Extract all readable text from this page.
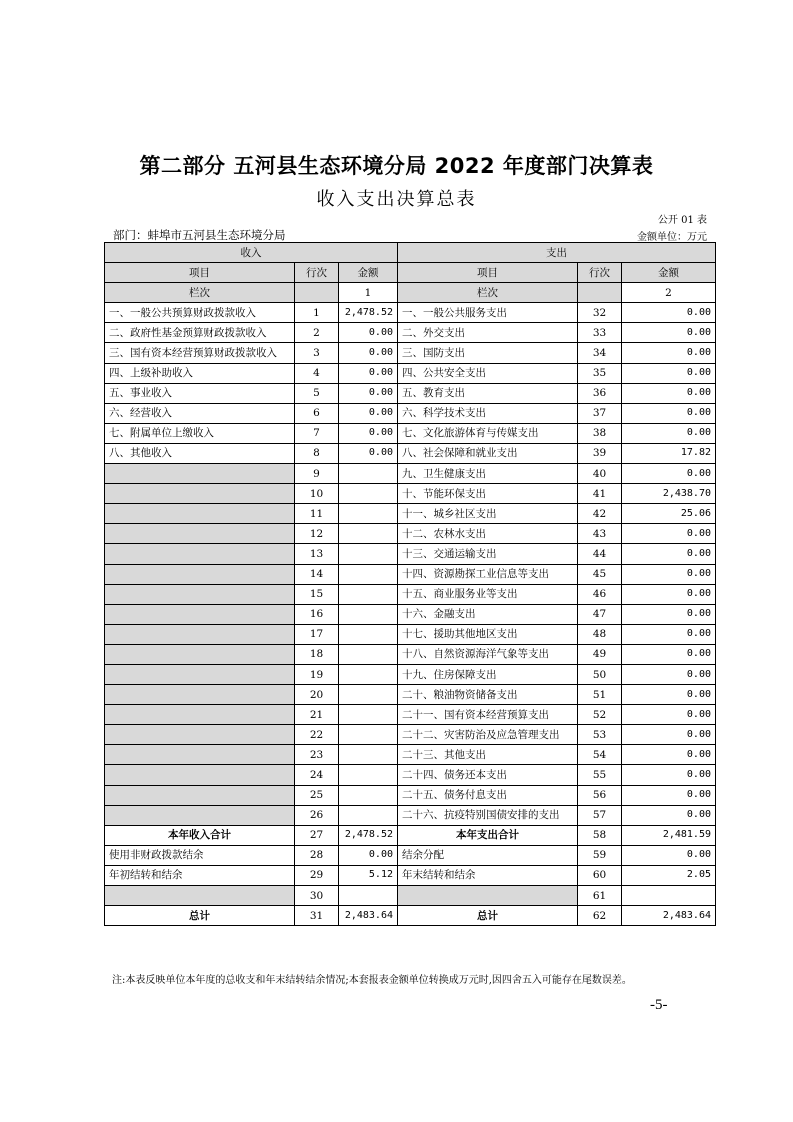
第二部分 五河县生态环境分局 2022 年度部门决算表
收入支出决算总表
公开 01 表
部门：蚌埠市五河县生态环境分局	金额单位：万元
收入			支出		
项目	行次	金额	项目	行次	金额
栏次		1	栏次		2
一、一般公共预算财政拨款收入	1	2,478.52	一、一般公共服务支出	32	0.00
二、政府性基金预算财政拨款收入	2	0.00	二、外交支出	33	0.00
三、国有资本经营预算财政拨款收入	3	0.00	三、国防支出	34	0.00
四、上级补助收入	4	0.00	四、公共安全支出	35	0.00
五、事业收入	5	0.00	五、教育支出	36	0.00
六、经营收入	6	0.00	六、科学技术支出	37	0.00
七、附属单位上缴收入	7	0.00	七、文化旅游体育与传媒支出	38	0.00
八、其他收入	8	0.00	八、社会保障和就业支出	39	17.82
	9		九、卫生健康支出	40	0.00
	10		十、节能环保支出	41	2,438.70
	11		十一、城乡社区支出	42	25.06
	12		十二、农林水支出	43	0.00
	13		十三、交通运输支出	44	0.00
	14		十四、资源勘探工业信息等支出	45	0.00
	15		十五、商业服务业等支出	46	0.00
	16		十六、金融支出	47	0.00
	17		十七、援助其他地区支出	48	0.00
	18		十八、自然资源海洋气象等支出	49	0.00
	19		十九、住房保障支出	50	0.00
	20		二十、粮油物资储备支出	51	0.00
	21		二十一、国有资本经营预算支出	52	0.00
	22		二十二、灾害防治及应急管理支出	53	0.00
	23		二十三、其他支出	54	0.00
	24		二十四、债务还本支出	55	0.00
	25		二十五、债务付息支出	56	0.00
	26		二十六、抗疫特别国债安排的支出	57	0.00
本年收入合计	27	2,478.52	本年支出合计	58	2,481.59
使用非财政拨款结余	28	0.00	结余分配	59	0.00
年初结转和结余	29	5.12	年末结转和结余	60	2.05
	30			61	
总计	31	2,483.64	总计	62	2,483.64
注:本表反映单位本年度的总收支和年末结转结余情况;本套报表金额单位转换成万元时,因四舍五入可能存在尾数误差。
-5-
